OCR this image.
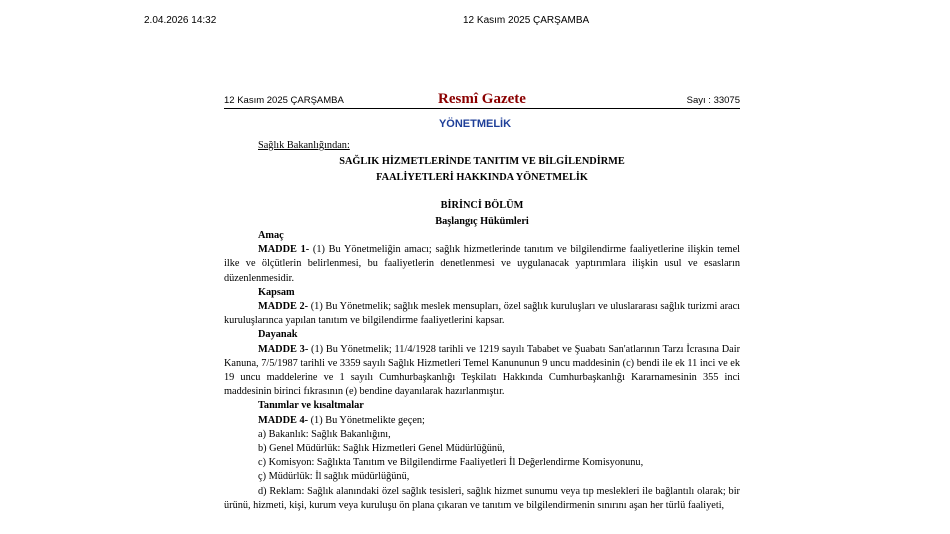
2.04.2026 14:32	12 Kasım 2025 ÇARŞAMBA
12 Kasım 2025 ÇARŞAMBA	Resmî Gazete	Sayı : 33075
YÖNETMELİK

Sağlık Bakanlığından:

SAĞLIK HİZMETLERİNDE TANITIM VE BİLGİLENDİRME

FAALİYETLERİ HAKKINDA YÖNETMELİK

BİRİNCİ BÖLÜM

Başlangıç Hükümleri

Amaç

MADDE 1- (1) Bu Yönetmeliğin amacı; sağlık hizmetlerinde tanıtım ve bilgilendirme faaliyetlerine ilişkin temel ilke ve ölçütlerin belirlenmesi, bu faaliyetlerin denetlenmesi ve uygulanacak yaptırımlara ilişkin usul ve esasların düzenlenmesidir.

Kapsam

MADDE 2- (1) Bu Yönetmelik; sağlık meslek mensupları, özel sağlık kuruluşları ve uluslararası sağlık turizmi aracı kuruluşlarınca yapılan tanıtım ve bilgilendirme faaliyetlerini kapsar.

Dayanak

MADDE 3- (1) Bu Yönetmelik; 11/4/1928 tarihli ve 1219 sayılı Tababet ve Şuabatı San'atlarının Tarzı İcrasına Dair Kanuna, 7/5/1987 tarihli ve 3359 sayılı Sağlık Hizmetleri Temel Kanununun 9 uncu maddesinin (c) bendi ile ek 11 inci ve ek 19 uncu maddelerine ve 1 sayılı Cumhurbaşkanlığı Teşkilatı Hakkında Cumhurbaşkanlığı Kararnamesinin 355 inci maddesinin birinci fıkrasının (e) bendine dayanılarak hazırlanmıştır.

Tanımlar ve kısaltmalar

MADDE 4- (1) Bu Yönetmelikte geçen;

a) Bakanlık: Sağlık Bakanlığını,

b) Genel Müdürlük: Sağlık Hizmetleri Genel Müdürlüğünü,

c) Komisyon: Sağlıkta Tanıtım ve Bilgilendirme Faaliyetleri İl Değerlendirme Komisyonunu,

ç) Müdürlük: İl sağlık müdürlüğünü,

d) Reklam: Sağlık alanındaki özel sağlık tesisleri, sağlık hizmet sunumu veya tıp meslekleri ile bağlantılı olarak; bir ürünü, hizmeti, kişi, kurum veya kuruluşu ön plana çıkaran ve tanıtım ve bilgilendirmenin sınırını aşan her türlü faaliyeti,
